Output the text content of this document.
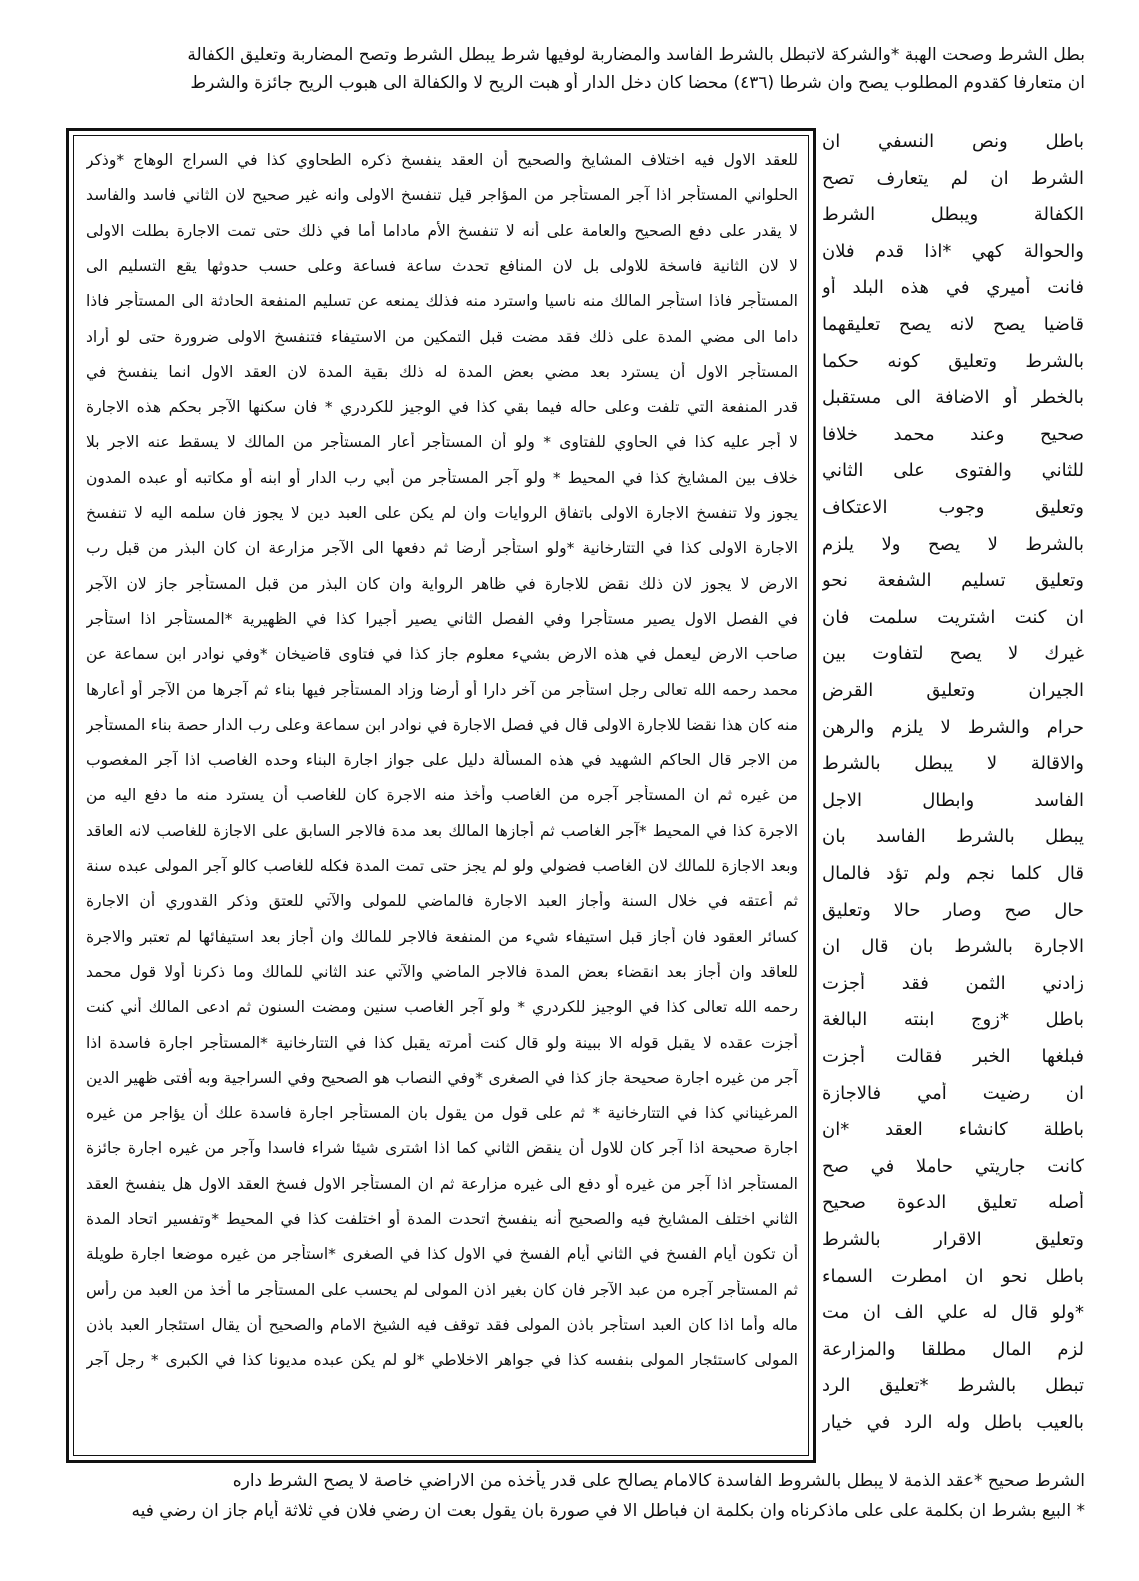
بطل الشرط وصحت الهبة *والشركة لاتبطل بالشرط الفاسد والمضاربة لوفيها شرط يبطل الشرط وتصح المضاربة وتعليق الكفالة
ان متعارفا كقدوم المطلوب يصح وان شرطا (٤٣٦) محضا كان دخل الدار أو هبت الريح لا والكفالة الى هبوب الريح جائزة والشرط
للعقد الاول فيه اختلاف المشايخ والصحيح أن العقد ينفسخ ذكره الطحاوي كذا في السراج الوهاج *وذكر
الحلواني المستأجر اذا آجر المستأجر من المؤاجر قيل تنفسخ الاولى وانه غير صحيح لان الثاني فاسد والفاسد
لا يقدر على دفع الصحيح والعامة على أنه لا تنفسخ الأم ماداما أما في ذلك حتى تمت الاجارة بطلت الاولى
لا لان الثانية فاسخة للاولى بل لان المنافع تحدث ساعة فساعة وعلى حسب حدوثها يقع التسليم الى
المستأجر فاذا استأجر المالك منه ناسيا واسترد منه فذلك يمنعه عن تسليم المنفعة الحادثة الى المستأجر فاذا
داما الى مضي المدة على ذلك فقد مضت قبل التمكين من الاستيفاء فتنفسخ الاولى ضرورة حتى لو أراد
المستأجر الاول أن يسترد بعد مضي بعض المدة له ذلك بقية المدة لان العقد الاول انما ينفسخ في
قدر المنفعة التي تلفت وعلى حاله فيما بقي كذا في الوجيز للكردري * فان سكنها الآجر بحكم هذه الاجارة
لا أجر عليه كذا في الحاوي للفتاوى * ولو أن المستأجر أعار المستأجر من المالك لا يسقط عنه الاجر بلا
خلاف بين المشايخ كذا في المحيط * ولو آجر المستأجر من أبي رب الدار أو ابنه أو مكاتبه أو عبده المدون
يجوز ولا تنفسخ الاجارة الاولى باتفاق الروايات وان لم يكن على العبد دين لا يجوز فان سلمه اليه لا تنفسخ
الاجارة الاولى كذا في التتارخانية *ولو استأجر أرضا ثم دفعها الى الآجر مزارعة ان كان البذر من قبل رب
الارض لا يجوز لان ذلك نقض للاجارة في ظاهر الرواية وان كان البذر من قبل المستأجر جاز لان الآجر
في الفصل الاول يصير مستأجرا وفي الفصل الثاني يصير أجيرا كذا في الظهيرية *المستأجر اذا استأجر
صاحب الارض ليعمل في هذه الارض بشيء معلوم جاز كذا في فتاوى قاضيخان *وفي نوادر ابن سماعة عن
محمد رحمه الله تعالى رجل استأجر من آخر دارا أو أرضا وزاد المستأجر فيها بناء ثم آجرها من الآجر أو أعارها
منه كان هذا نقضا للاجارة الاولى قال في فصل الاجارة في نوادر ابن سماعة وعلى رب الدار حصة بناء المستأجر
من الاجر قال الحاكم الشهيد في هذه المسألة دليل على جواز اجارة البناء وحده الغاصب اذا آجر المغصوب
من غيره ثم ان المستأجر آجره من الغاصب وأخذ منه الاجرة كان للغاصب أن يسترد منه ما دفع اليه من
الاجرة كذا في المحيط *آجر الغاصب ثم أجازها المالك بعد مدة فالاجر السابق على الاجازة للغاصب لانه العاقد
وبعد الاجازة للمالك لان الغاصب فضولي ولو لم يجز حتى تمت المدة فكله للغاصب كالو آجر المولى عبده سنة
ثم أعتقه في خلال السنة وأجاز العبد الاجارة فالماضي للمولى والآتي للعتق وذكر القدوري أن الاجارة
كسائر العقود فان أجاز قبل استيفاء شيء من المنفعة فالاجر للمالك وان أجاز بعد استيفائها لم تعتبر والاجرة
للعاقد وان أجاز بعد انقضاء بعض المدة فالاجر الماضي والآتي عند الثاني للمالك وما ذكرنا أولا قول محمد
رحمه الله تعالى كذا في الوجيز للكردري * ولو آجر الغاصب سنين ومضت السنون ثم ادعى المالك أني كنت
أجزت عقده لا يقبل قوله الا ببينة ولو قال كنت أمرته يقبل كذا في التتارخانية *المستأجر اجارة فاسدة اذا
آجر من غيره اجارة صحيحة جاز كذا في الصغرى *وفي النصاب هو الصحيح وفي السراجية وبه أفتى ظهير الدين
المرغيناني كذا في التتارخانية * ثم على قول من يقول بان المستأجر اجارة فاسدة علك أن يؤاجر من غيره
اجارة صحيحة اذا آجر كان للاول أن ينقض الثاني كما اذا اشترى شيئا شراء فاسدا وآجر من غيره اجارة جائزة
المستأجر اذا آجر من غيره أو دفع الى غيره مزارعة ثم ان المستأجر الاول فسخ العقد الاول هل ينفسخ العقد
الثاني اختلف المشايخ فيه والصحيح أنه ينفسخ اتحدت المدة أو اختلفت كذا في المحيط *وتفسير اتحاد المدة
أن تكون أيام الفسخ في الثاني أيام الفسخ في الاول كذا في الصغرى *استأجر من غيره موضعا اجارة طويلة
ثم المستأجر آجره من عبد الآجر فان كان بغير اذن المولى لم يحسب على المستأجر ما أخذ من العبد من رأس
ماله وأما اذا كان العبد استأجر باذن المولى فقد توقف فيه الشيخ الامام والصحيح أن يقال استئجار العبد باذن
المولى كاستئجار المولى بنفسه كذا في جواهر الاخلاطي *لو لم يكن عبده مديونا كذا في الكبرى * رجل آجر
باطل ونص النسفي ان
الشرط ان لم يتعارف تصح
الكفالة ويبطل الشرط
والحوالة كهي *اذا قدم فلان
فانت أميري في هذه البلد أو
قاضيا يصح لانه يصح تعليقهما
بالشرط وتعليق كونه حكما
بالخطر أو الاضافة الى مستقبل
صحيح وعند محمد خلافا
للثاني والفتوى على الثاني
وتعليق وجوب الاعتكاف
بالشرط لا يصح ولا يلزم
وتعليق تسليم الشفعة نحو
ان كنت اشتريت سلمت فان
غيرك لا يصح لتفاوت بين
الجيران وتعليق القرض
حرام والشرط لا يلزم والرهن
والاقالة لا يبطل بالشرط
الفاسد وابطال الاجل
يبطل بالشرط الفاسد بان
قال كلما نجم ولم تؤد فالمال
حال صح وصار حالا وتعليق
الاجارة بالشرط بان قال ان
زادني الثمن فقد أجزت
باطل *زوج ابنته البالغة
فبلغها الخبر فقالت أجزت
ان رضيت أمي فالاجازة
باطلة كانشاء العقد *ان
كانت جاريتي حاملا في صح
أصله تعليق الدعوة صحيح
وتعليق الاقرار بالشرط
باطل نحو ان امطرت السماء
*ولو قال له علي الف ان مت
لزم المال مطلقا والمزارعة
تبطل بالشرط *تعليق الرد
بالعيب باطل وله الرد في خيار
الشرط صحيح *عقد الذمة لا يبطل بالشروط الفاسدة كالامام يصالح على قدر يأخذه من الاراضي خاصة لا يصح الشرط داره
* البيع بشرط ان بكلمة على على ماذكرناه وان بكلمة ان فباطل الا في صورة بان يقول بعت ان رضي فلان في ثلاثة أيام جاز ان رضي فيه
